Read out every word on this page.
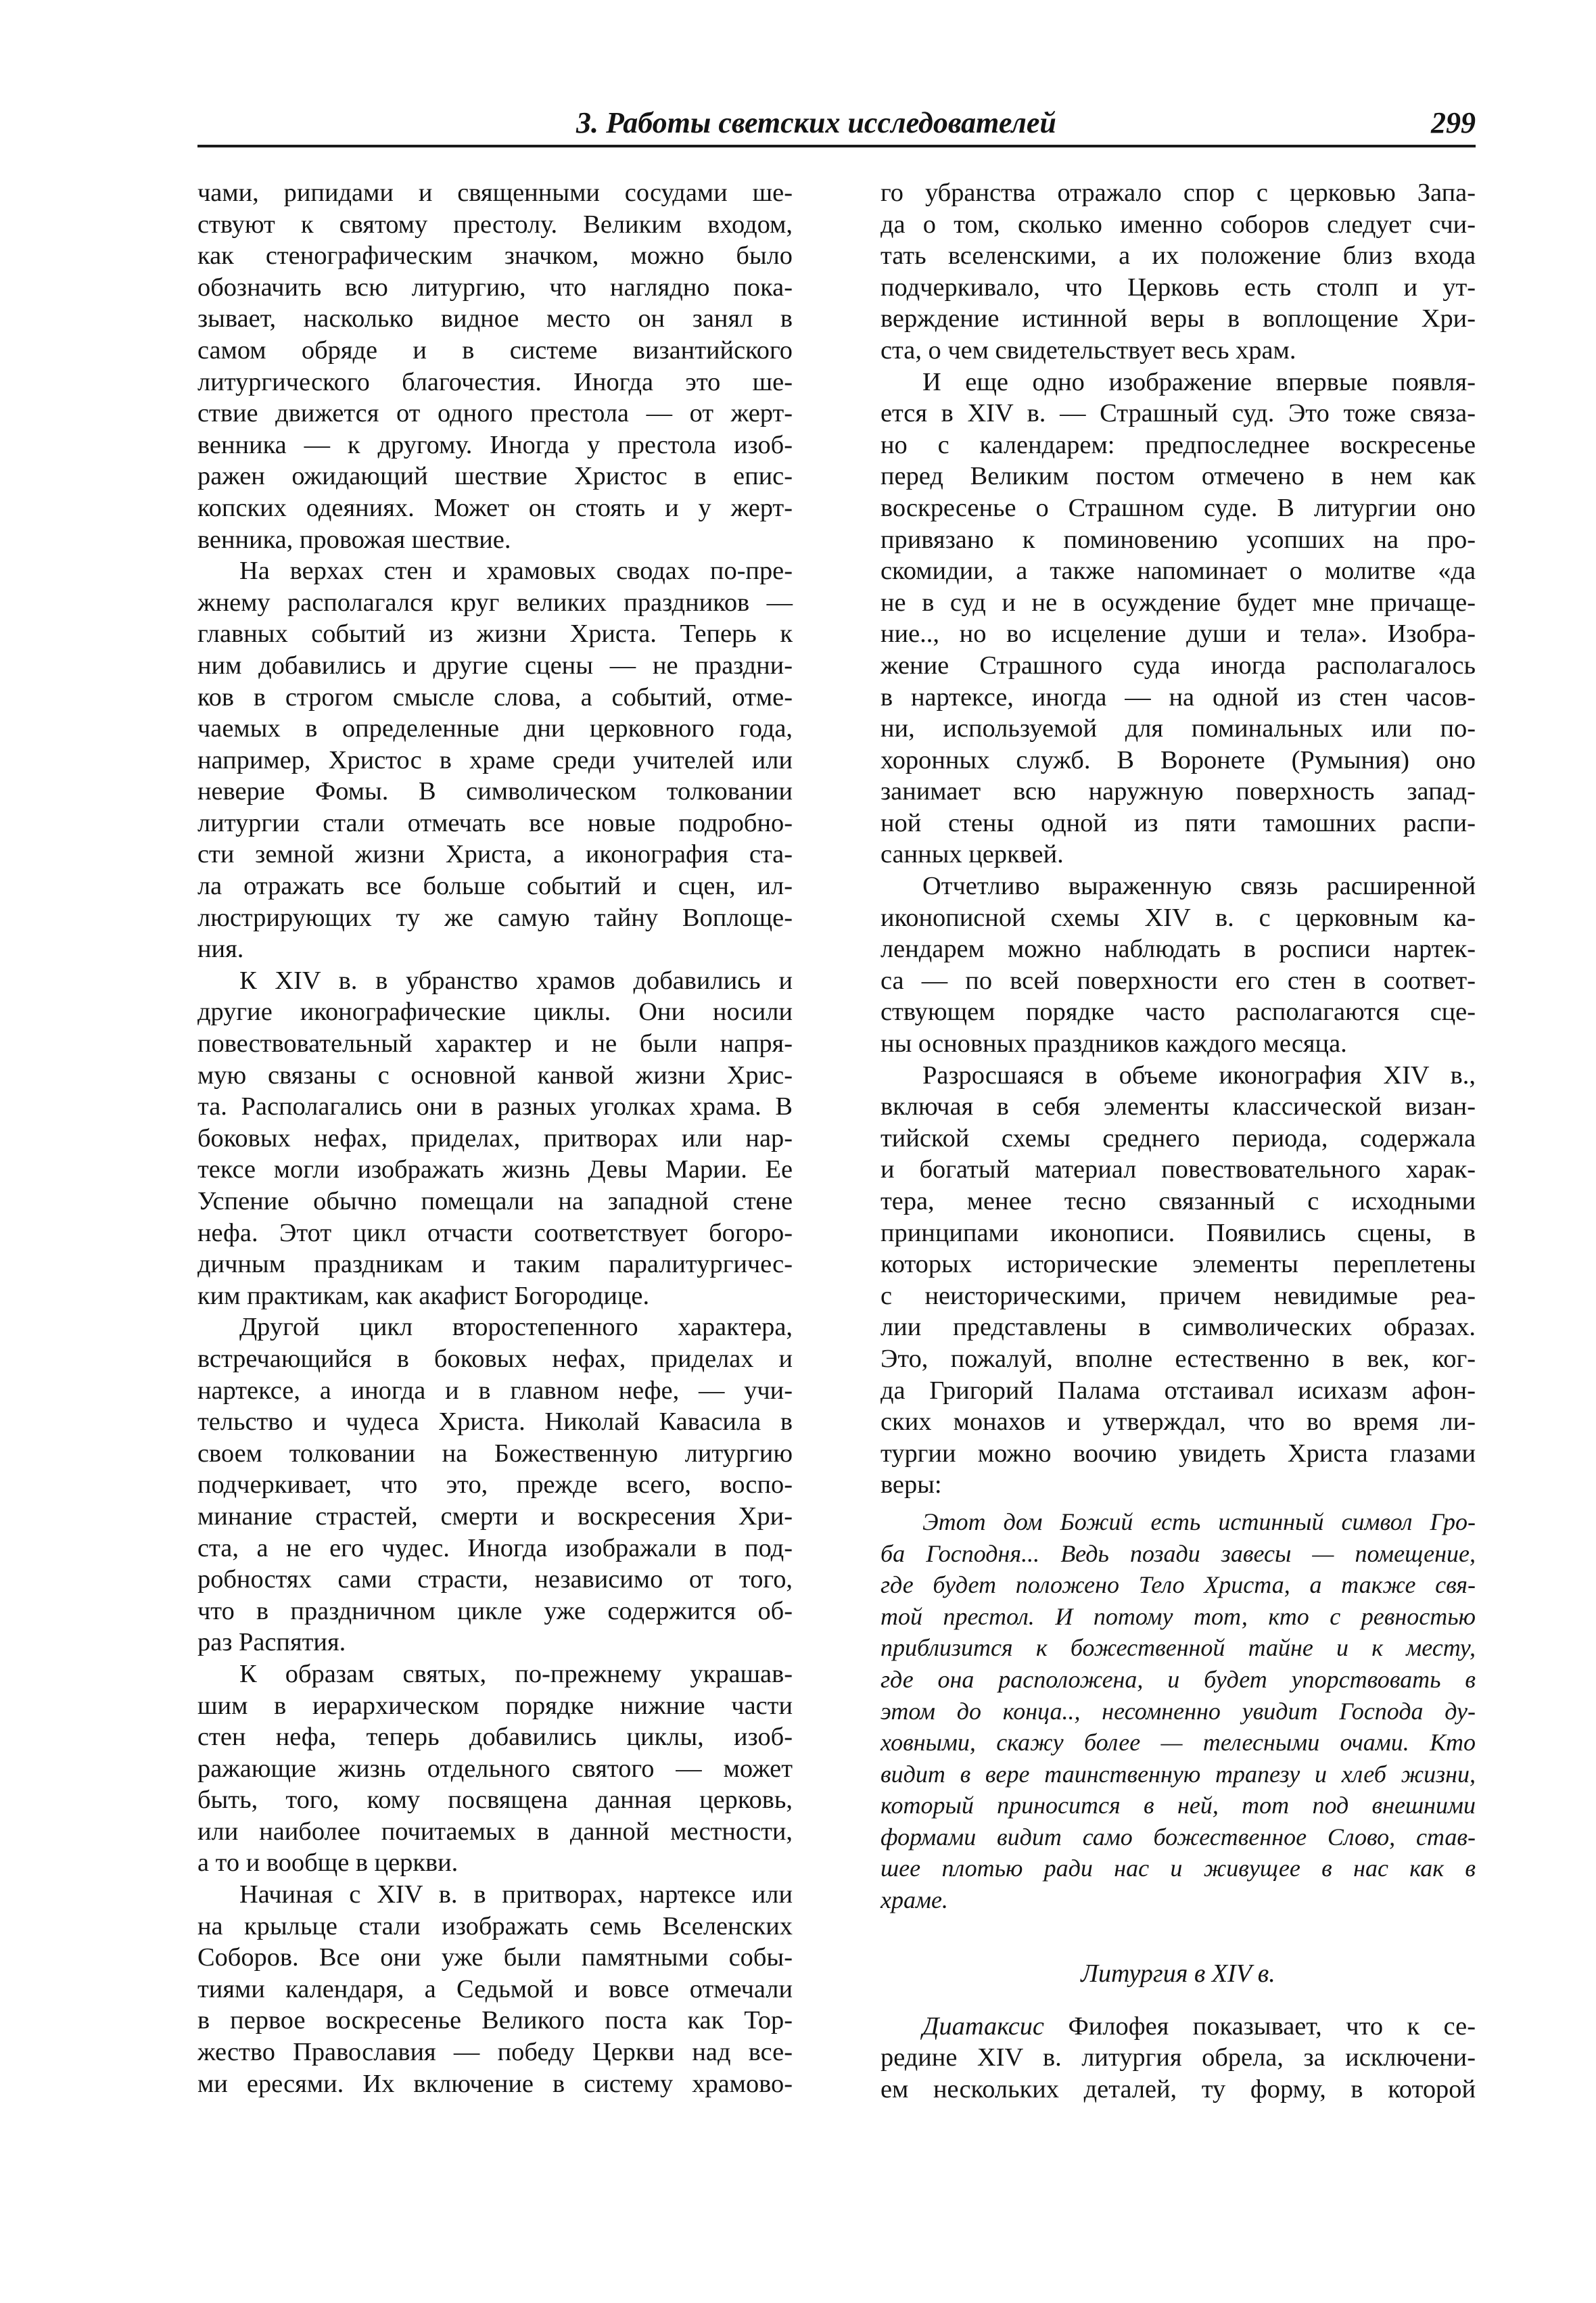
3. Работы светских исследователей	299
чами, рипидами и священными сосудами ше-
ствуют к святому престолу. Великим входом,
как стенографическим значком, можно было
обозначить всю литургию, что наглядно пока-
зывает, насколько видное место он занял в
самом обряде и в системе византийского
литургического благочестия. Иногда это ше-
ствие движется от одного престола — от жерт-
венника — к другому. Иногда у престола изоб-
ражен ожидающий шествие Христос в епис-
копских одеяниях. Может он стоять и у жерт-
венника, провожая шествие.
На верхах стен и храмовых сводах по-пре-
жнему располагался круг великих праздников —
главных событий из жизни Христа. Теперь к
ним добавились и другие сцены — не праздни-
ков в строгом смысле слова, а событий, отме-
чаемых в определенные дни церковного года,
например, Христос в храме среди учителей или
неверие Фомы. В символическом толковании
литургии стали отмечать все новые подробно-
сти земной жизни Христа, а иконография ста-
ла отражать все больше событий и сцен, ил-
люстрирующих ту же самую тайну Воплоще-
ния.
К XIV в. в убранство храмов добавились и
другие иконографические циклы. Они носили
повествовательный характер и не были напря-
мую связаны с основной канвой жизни Хрис-
та. Располагались они в разных уголках храма. В
боковых нефах, приделах, притворах или нар-
тексе могли изображать жизнь Девы Марии. Ее
Успение обычно помещали на западной стене
нефа. Этот цикл отчасти соответствует богоро-
дичным праздникам и таким паралитургичес-
ким практикам, как акафист Богородице.
Другой цикл второстепенного характера,
встречающийся в боковых нефах, приделах и
нартексе, а иногда и в главном нефе, — учи-
тельство и чудеса Христа. Николай Кавасила в
своем толковании на Божественную литургию
подчеркивает, что это, прежде всего, воспо-
минание страстей, смерти и воскресения Хри-
ста, а не его чудес. Иногда изображали в под-
робностях сами страсти, независимо от того,
что в праздничном цикле уже содержится об-
раз Распятия.
К образам святых, по-прежнему украшав-
шим в иерархическом порядке нижние части
стен нефа, теперь добавились циклы, изоб-
ражающие жизнь отдельного святого — может
быть, того, кому посвящена данная церковь,
или наиболее почитаемых в данной местности,
а то и вообще в церкви.
Начиная с XIV в. в притворах, нартексе или
на крыльце стали изображать семь Вселенских
Соборов. Все они уже были памятными собы-
тиями календаря, а Седьмой и вовсе отмечали
в первое воскресенье Великого поста как Тор-
жество Православия — победу Церкви над все-
ми ересями. Их включение в систему храмово-
го убранства отражало спор с церковью Запа-
да о том, сколько именно соборов следует счи-
тать вселенскими, а их положение близ входа
подчеркивало, что Церковь есть столп и ут-
верждение истинной веры в воплощение Хри-
ста, о чем свидетельствует весь храм.
И еще одно изображение впервые появля-
ется в XIV в. — Страшный суд. Это тоже связа-
но с календарем: предпоследнее воскресенье
перед Великим постом отмечено в нем как
воскресенье о Страшном суде. В литургии оно
привязано к поминовению усопших на про-
скомидии, а также напоминает о молитве «да
не в суд и не в осуждение будет мне причаще-
ние.., но во исцеление души и тела». Изобра-
жение Страшного суда иногда располагалось
в нартексе, иногда — на одной из стен часов-
ни, используемой для поминальных или по-
хоронных служб. В Воронете (Румыния) оно
занимает всю наружную поверхность запад-
ной стены одной из пяти тамошних распи-
санных церквей.
Отчетливо выраженную связь расширенной
иконописной схемы XIV в. с церковным ка-
лендарем можно наблюдать в росписи нартек-
са — по всей поверхности его стен в соответ-
ствующем порядке часто располагаются сце-
ны основных праздников каждого месяца.
Разросшаяся в объеме иконография XIV в.,
включая в себя элементы классической визан-
тийской схемы среднего периода, содержала
и богатый материал повествовательного харак-
тера, менее тесно связанный с исходными
принципами иконописи. Появились сцены, в
которых исторические элементы переплетены
с неисторическими, причем невидимые реа-
лии представлены в символических образах.
Это, пожалуй, вполне естественно в век, ког-
да Григорий Палама отстаивал исихазм афон-
ских монахов и утверждал, что во время ли-
тургии можно воочию увидеть Христа глазами
веры:
Этот дом Божий есть истинный символ Гро-
ба Господня... Ведь позади завесы — помещение,
где будет положено Тело Христа, а также свя-
той престол. И потому тот, кто с ревностью
приблизится к божественной тайне и к месту,
где она расположена, и будет упорствовать в
этом до конца.., несомненно увидит Господа ду-
ховными, скажу более — телесными очами. Кто
видит в вере таинственную трапезу и хлеб жизни,
который приносится в ней, тот под внешними
формами видит само божественное Слово, став-
шее плотью ради нас и живущее в нас как в
храме.
Литургия в XIV в.
Диатаксис Филофея показывает, что к се-
редине XIV в. литургия обрела, за исключени-
ем нескольких деталей, ту форму, в которой
